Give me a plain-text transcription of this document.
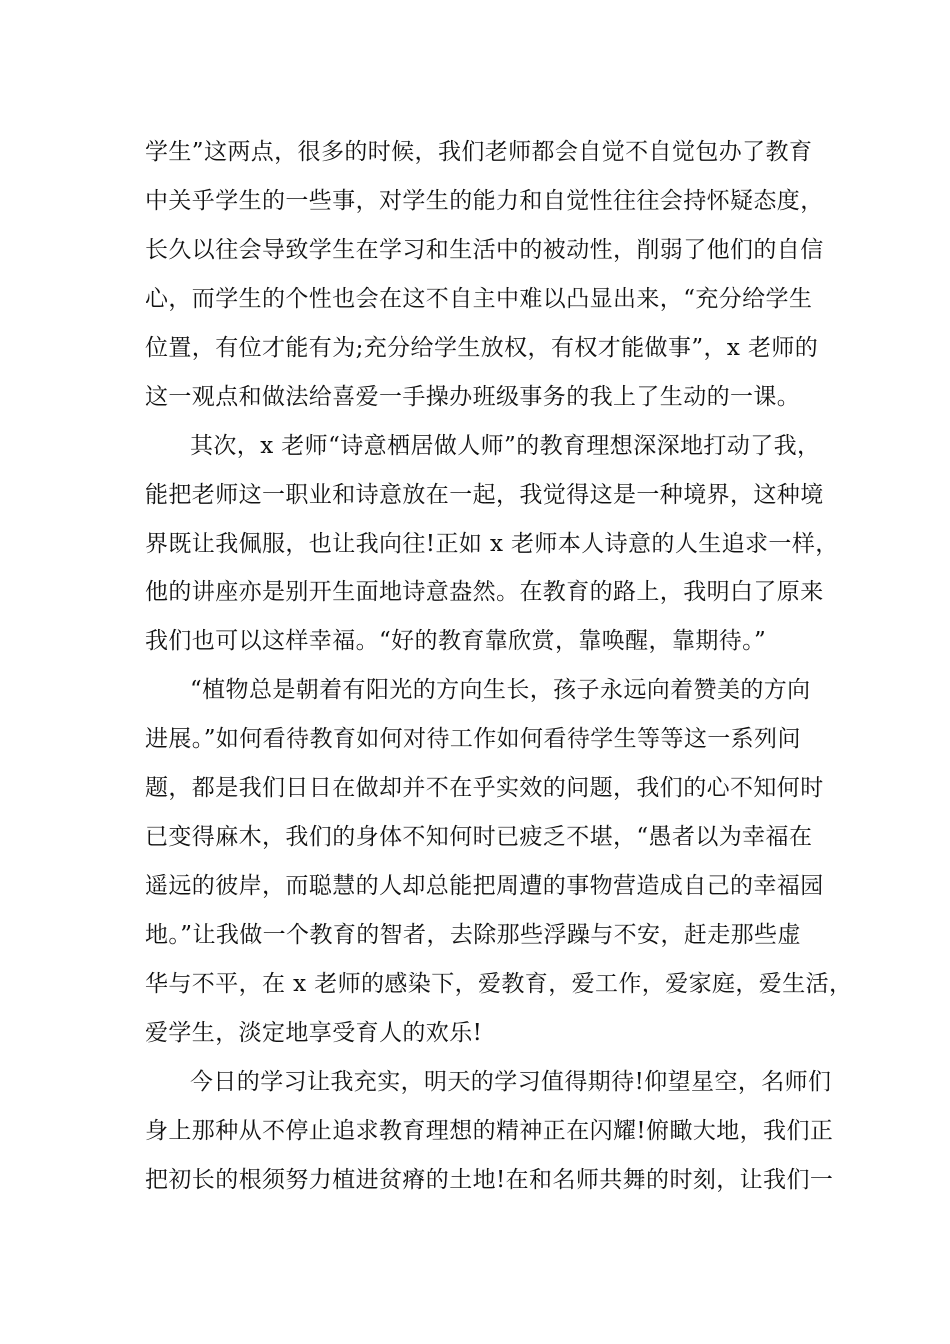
学生”这两点，很多的时候，我们老师都会自觉不自觉包办了教育
中关乎学生的一些事，对学生的能力和自觉性往往会持怀疑态度，
长久以往会导致学生在学习和生活中的被动性，削弱了他们的自信
心，而学生的个性也会在这不自主中难以凸显出来，“充分给学生
位置，有位才能有为;充分给学生放权，有权才能做事”，x 老师的
这一观点和做法给喜爱一手操办班级事务的我上了生动的一课。
其次，x 老师“诗意栖居做人师”的教育理想深深地打动了我，
能把老师这一职业和诗意放在一起，我觉得这是一种境界，这种境
界既让我佩服，也让我向往!正如 x 老师本人诗意的人生追求一样，
他的讲座亦是别开生面地诗意盎然。在教育的路上，我明白了原来
我们也可以这样幸福。“好的教育靠欣赏，靠唤醒，靠期待。”
“植物总是朝着有阳光的方向生长，孩子永远向着赞美的方向
进展。”如何看待教育如何对待工作如何看待学生等等这一系列问
题，都是我们日日在做却并不在乎实效的问题，我们的心不知何时
已变得麻木，我们的身体不知何时已疲乏不堪，“愚者以为幸福在
遥远的彼岸，而聪慧的人却总能把周遭的事物营造成自己的幸福园
地。”让我做一个教育的智者，去除那些浮躁与不安，赶走那些虚
华与不平，在 x 老师的感染下，爱教育，爱工作，爱家庭，爱生活，
爱学生，淡定地享受育人的欢乐!
今日的学习让我充实，明天的学习值得期待!仰望星空，名师们
身上那种从不停止追求教育理想的精神正在闪耀!俯瞰大地，我们正
把初长的根须努力植进贫瘠的土地!在和名师共舞的时刻，让我们一
